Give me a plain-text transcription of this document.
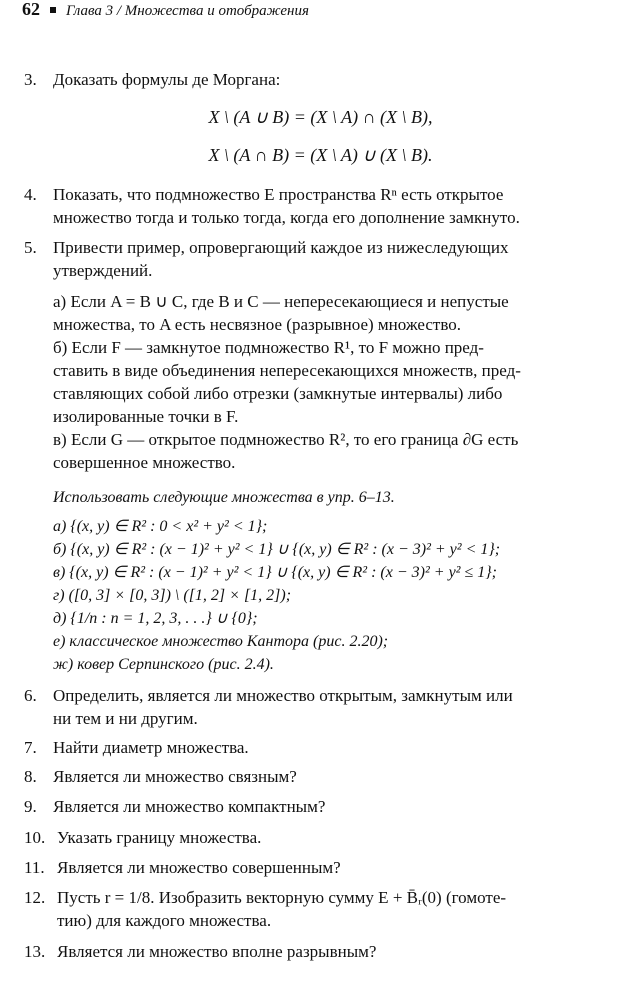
62 Глава 3 / Множества и отображения
3. Доказать формулы де Моргана:
X \ (A ∪ B) = (X \ A) ∩ (X \ B),
X \ (A ∩ B) = (X \ A) ∪ (X \ B).
4. Показать, что подмножество E пространства Rⁿ есть открытое
множество тогда и только тогда, когда его дополнение замкнуто.
5. Привести пример, опровергающий каждое из нижеследующих
утверждений.
а) Если A = B ∪ C, где B и C — непересекающиеся и непустые
множества, то A есть несвязное (разрывное) множество.
б) Если F — замкнутое подмножество R¹, то F можно пред-
ставить в виде объединения непересекающихся множеств, пред-
ставляющих собой либо отрезки (замкнутые интервалы) либо
изолированные точки в F.
в) Если G — открытое подмножество R², то его граница ∂G есть
совершенное множество.
Использовать следующие множества в упр. 6–13.
а) {(x, y) ∈ R² : 0 < x² + y² < 1};
б) {(x, y) ∈ R² : (x − 1)² + y² < 1} ∪ {(x, y) ∈ R² : (x − 3)² + y² < 1};
в) {(x, y) ∈ R² : (x − 1)² + y² < 1} ∪ {(x, y) ∈ R² : (x − 3)² + y² ≤ 1};
г) ([0, 3] × [0, 3]) \ ([1, 2] × [1, 2]);
д) {1/n : n = 1, 2, 3, . . .} ∪ {0};
е) классическое множество Кантора (рис. 2.20);
ж) ковер Серпинского (рис. 2.4).
6. Определить, является ли множество открытым, замкнутым или
ни тем и ни другим.
7. Найти диаметр множества.
8. Является ли множество связным?
9. Является ли множество компактным?
10. Указать границу множества.
11. Является ли множество совершенным?
12. Пусть r = 1/8. Изобразить векторную сумму E + B̄ᵣ(0) (гомоте-
тию) для каждого множества.
13. Является ли множество вполне разрывным?
